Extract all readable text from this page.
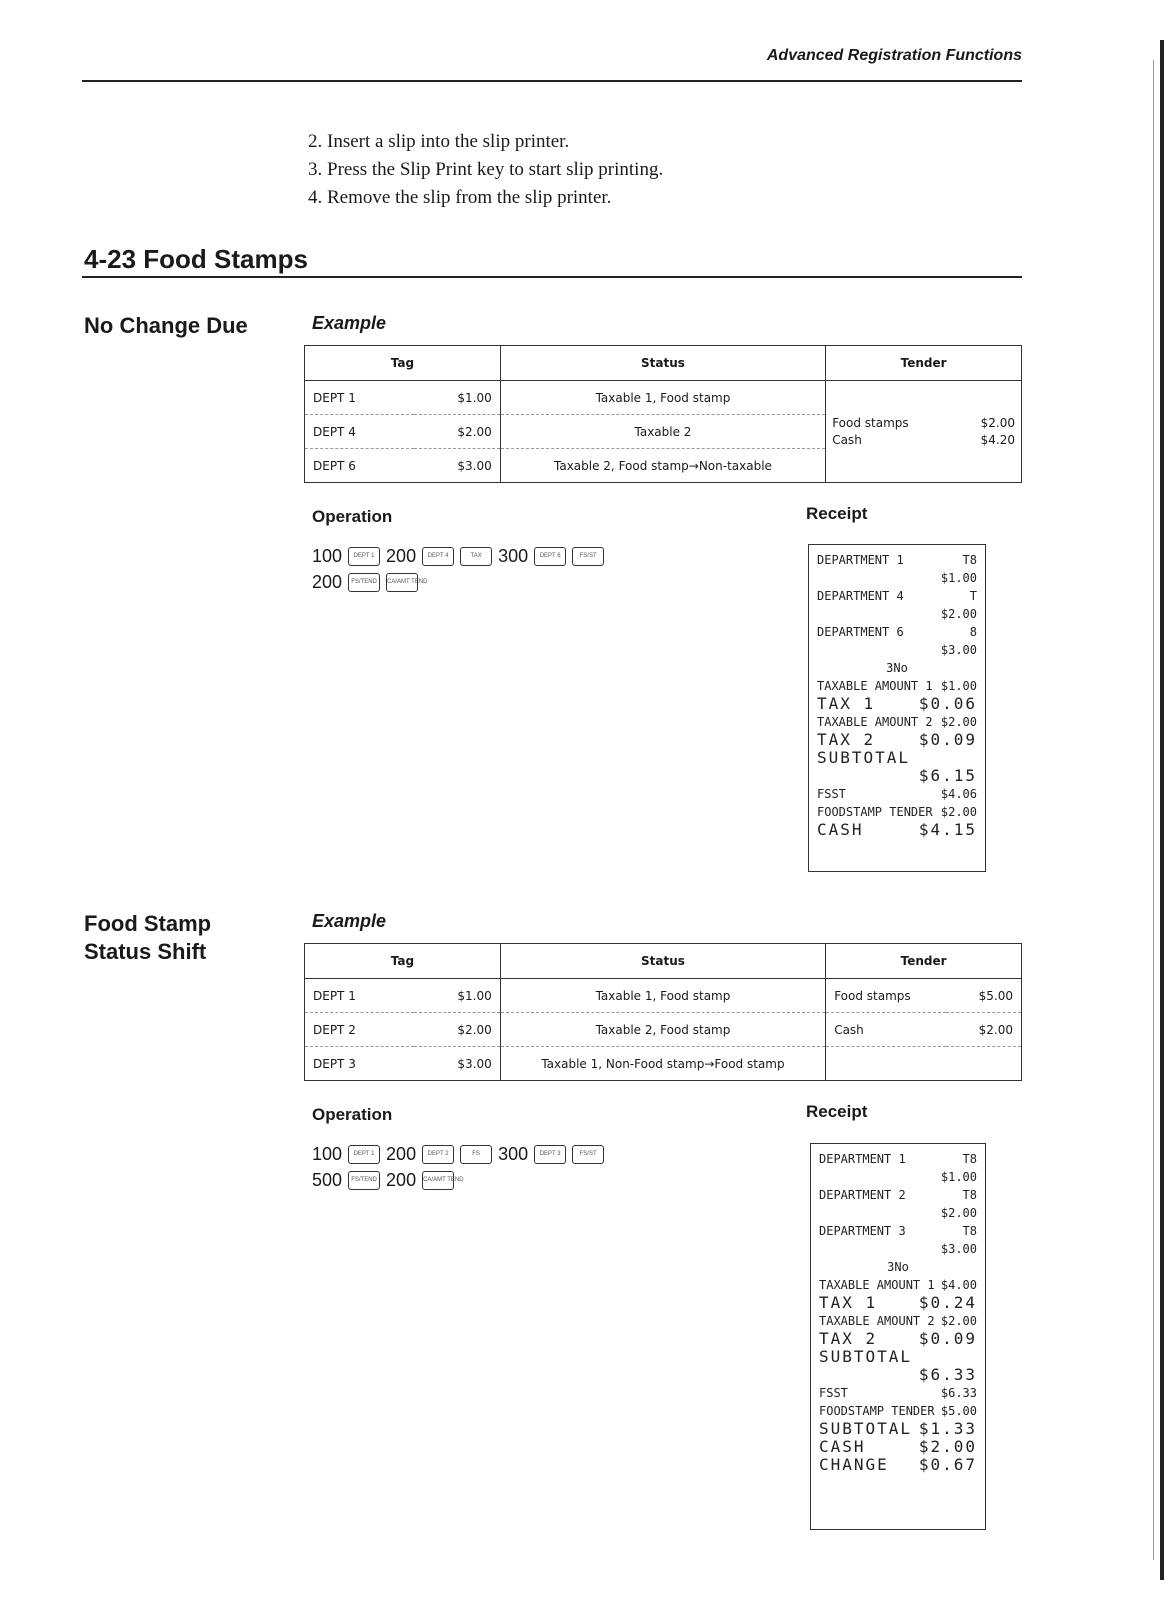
Advanced Registration Functions
2. Insert a slip into the slip printer.
3. Press the Slip Print key to start slip printing.
4. Remove the slip from the slip printer.
4-23 Food Stamps
No Change Due	Example
Tag		Status	Tender
DEPT 1	$1.00	Taxable 1, Food stamp	Food stamps $2.00
Cash $4.20

DEPT 4	$2.00	Taxable 2	
DEPT 6	$3.00	Taxable 2, Food stamp→Non-taxable	
Operation	Receipt
100	DEPT 1 200	DEPT 4	TAX 300	DEPT 6	FS/ST
200	FS/TEND	CA/AMT TEND
DEPARTMENT 1	T8
$1.00
DEPARTMENT 4	T
$2.00
DEPARTMENT 6	8
$3.00
3No
TAXABLE AMOUNT 1 $1.00
TAX 1	$0.06
TAXABLE AMOUNT 2 $2.00
TAX 2	$0.09
SUBTOTAL
$6.15
FSST	$4.06
FOODSTAMP TENDER $2.00
CASH	$4.15
Food Stamp
Status Shift
Example
Tag		Status	Tender	
DEPT 1	$1.00	Taxable 1, Food stamp	Food stamps	$5.00
DEPT 2	$2.00	Taxable 2, Food stamp	Cash	$2.00
DEPT 3	$3.00	Taxable 1, Non-Food stamp→Food stamp		
Operation	Receipt
100	DEPT 1 200	DEPT 2	FS	300	DEPT 3	FS/ST
500	FS/TEND 200 CA/AMT TEND
DEPARTMENT 1	T8
$1.00
DEPARTMENT 2	T8
$2.00
DEPARTMENT 3	T8
$3.00
3No
TAXABLE AMOUNT 1 $4.00
TAX 1	$0.24
TAXABLE AMOUNT 2 $2.00
TAX 2	$0.09
SUBTOTAL
$6.33
FSST	$6.33
FOODSTAMP TENDER $5.00
SUBTOTAL $1.33
CASH	$2.00
CHANGE $0.67
